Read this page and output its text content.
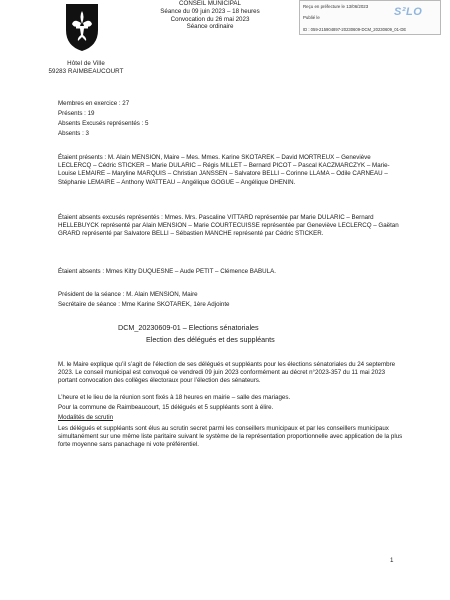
Hôtel de Ville
59283 RAIMBEAUCOURT
CONSEIL MUNICIPAL
Séance du 09 juin 2023 – 18 heures
Convocation du 26 mai 2023
Séance ordinaire
Reçu en préfecture le 13/06/2023
Publié le
ID : 059-215904897-20230609-DCM_20230609_01-DE
S²LO
Membres en exercice : 27
Présents : 19
Absents Excusés représentés : 5
Absents : 3
Étaient présents : M. Alain MENSION, Maire – Mes. Mmes. Karine SKOTAREK – David MORTREUX – Geneviève LECLERCQ – Cédric STICKER – Marie DULARIC – Régis MILLET – Bernard PICOT – Pascal KACZMARCZYK – Marie-Louise LEMAIRE – Maryline MARQUIS – Christian JANSSEN – Salvatore BELLI – Corinne LLAMA – Odile CARNEAU – Stéphanie LEMAIRE – Anthony WATTEAU – Angélique GOGUE – Angélique DHENIN.
Étaient absents excusés représentés : Mmes. Mrs. Pascaline VITTARD représentée par Marie DULARIC – Bernard HELLEBUYCK représenté par Alain MENSION – Marie COURTECUISSE représentée par Geneviève LECLERCQ – Gaëtan GRARD représenté par Salvatore BELLI – Sébastien MANCHE représenté par Cédric STICKER.
Étaient absents : Mmes Kitty DUQUESNE – Aude PETIT – Clémence BABULA.
Président de la séance : M. Alain MENSION, Maire
Secrétaire de séance : Mme Karine SKOTAREK, 1ère Adjointe
DCM_20230609-01 – Elections sénatoriales
Election des délégués et des suppléants
M. le Maire explique qu’il s’agit de l’élection de ses délégués et suppléants pour les élections sénatoriales du 24 septembre 2023. Le conseil municipal est convoqué ce vendredi 09 juin 2023 conformément au décret n°2023-357 du 11 mai 2023 portant convocation des collèges électoraux pour l’élection des sénateurs.
L’heure et le lieu de la réunion sont fixés à 18 heures en mairie – salle des mariages.
Pour la commune de Raimbeaucourt, 15 délégués et 5 suppléants sont à élire.
Modalités de scrutin
Les délégués et suppléants sont élus au scrutin secret parmi les conseillers municipaux et par les conseillers municipaux simultanément sur une même liste paritaire suivant le système de la représentation proportionnelle avec application de la plus forte moyenne sans panachage ni vote préférentiel.
1
